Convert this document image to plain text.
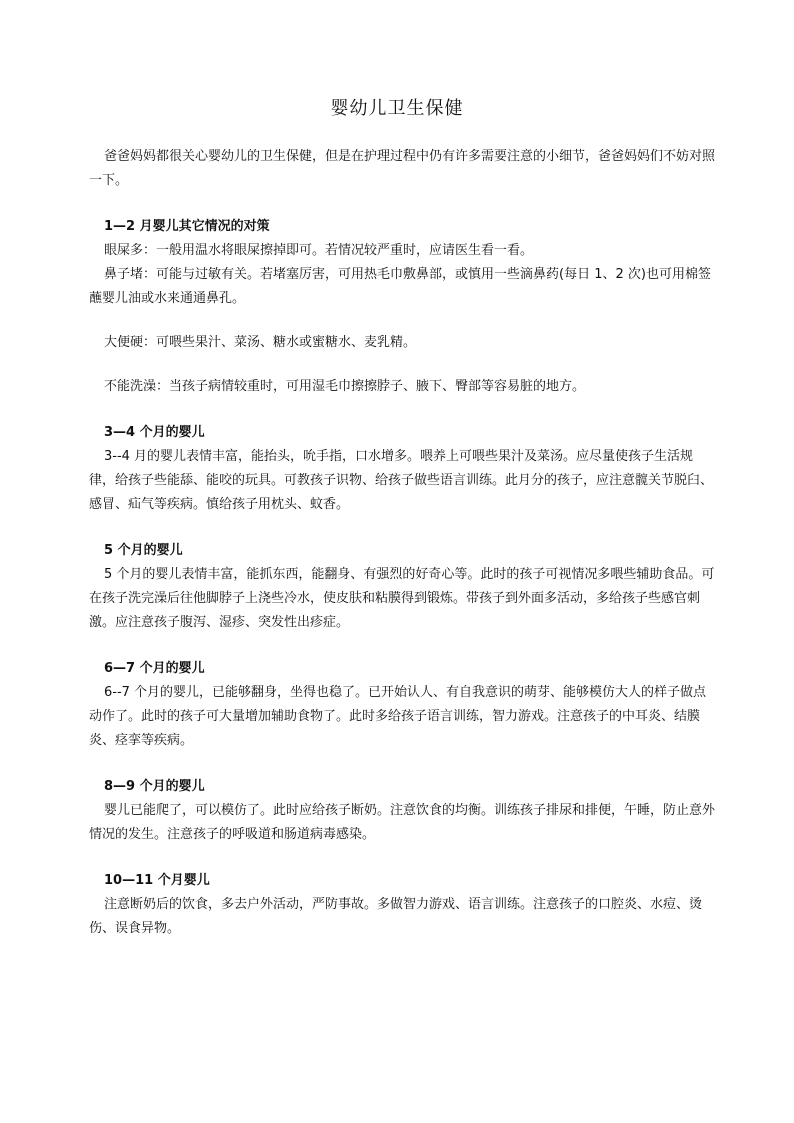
婴幼儿卫生保健

爸爸妈妈都很关心婴幼儿的卫生保健，但是在护理过程中仍有许多需要注意的小细节，爸爸妈妈们不妨对照一下。

1—2 月婴儿其它情况的对策

眼屎多：一般用温水将眼屎擦掉即可。若情况较严重时，应请医生看一看。

鼻子堵：可能与过敏有关。若堵塞厉害，可用热毛巾敷鼻部，或慎用一些滴鼻药(每日 1、2 次)也可用棉签蘸婴儿油或水来通通鼻孔。

大便硬：可喂些果汁、菜汤、糖水或蜜糖水、麦乳精。

不能洗澡：当孩子病情较重时，可用湿毛巾擦擦脖子、腋下、臀部等容易脏的地方。

3—4 个月的婴儿

3--4 月的婴儿表情丰富，能抬头，吮手指，口水增多。喂养上可喂些果汁及菜汤。应尽量使孩子生活规律，给孩子些能舔、能咬的玩具。可教孩子识物、给孩子做些语言训练。此月分的孩子，应注意髋关节脱臼、感冒、疝气等疾病。慎给孩子用枕头、蚊香。

5 个月的婴儿

5 个月的婴儿表情丰富，能抓东西，能翻身、有强烈的好奇心等。此时的孩子可视情况多喂些辅助食品。可在孩子洗完澡后往他脚脖子上浇些冷水，使皮肤和粘膜得到锻炼。带孩子到外面多活动，多给孩子些感官刺激。应注意孩子腹泻、湿疹、突发性出疹症。

6—7 个月的婴儿

6--7 个月的婴儿，已能够翻身，坐得也稳了。已开始认人、有自我意识的萌芽、能够模仿大人的样子做点动作了。此时的孩子可大量增加辅助食物了。此时多给孩子语言训练，智力游戏。注意孩子的中耳炎、结膜炎、痉挛等疾病。

8—9 个月的婴儿

婴儿已能爬了，可以模仿了。此时应给孩子断奶。注意饮食的均衡。训练孩子排尿和排便，午睡，防止意外情况的发生。注意孩子的呼吸道和肠道病毒感染。

10—11 个月婴儿

注意断奶后的饮食，多去户外活动，严防事故。多做智力游戏、语言训练。注意孩子的口腔炎、水痘、烫伤、误食异物。
